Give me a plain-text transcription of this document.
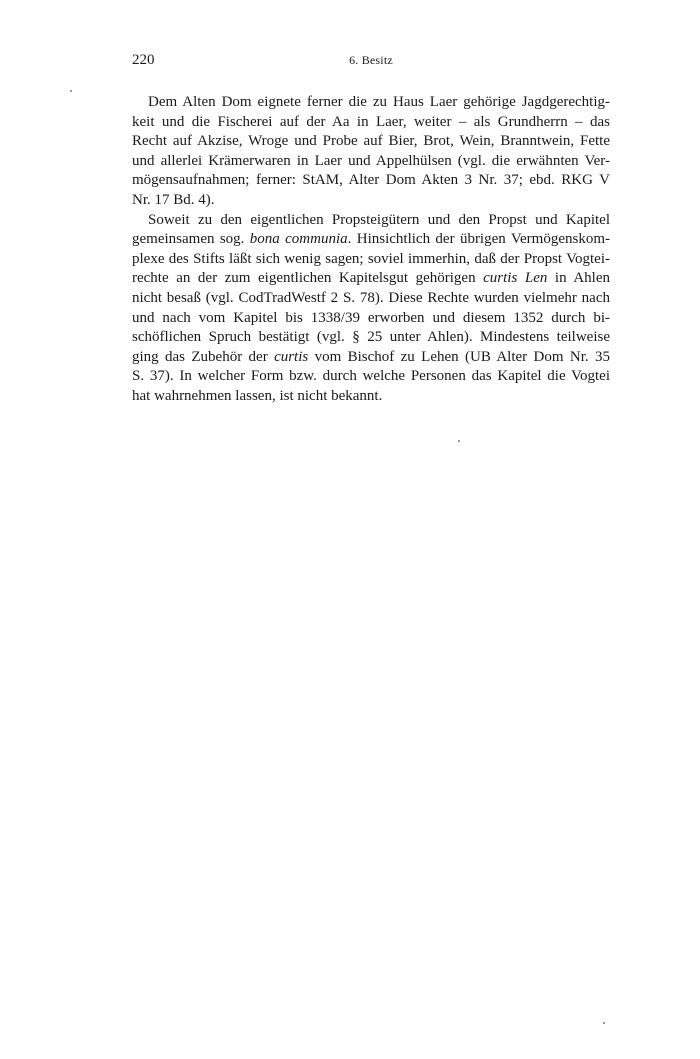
220	6. Besitz
Dem Alten Dom eignete ferner die zu Haus Laer gehörige Jagdgerechtig-
keit und die Fischerei auf der Aa in Laer, weiter – als Grundherrn – das
Recht auf Akzise, Wroge und Probe auf Bier, Brot, Wein, Branntwein, Fette
und allerlei Krämerwaren in Laer und Appelhülsen (vgl. die erwähnten Ver-
mögensaufnahmen; ferner: StAM, Alter Dom Akten 3 Nr. 37; ebd. RKG V
Nr. 17 Bd. 4).
Soweit zu den eigentlichen Propsteigütern und den Propst und Kapitel
gemeinsamen sog. bona communia. Hinsichtlich der übrigen Vermögenskom-
plexe des Stifts läßt sich wenig sagen; soviel immerhin, daß der Propst Vogtei-
rechte an der zum eigentlichen Kapitelsgut gehörigen curtis Len in Ahlen
nicht besaß (vgl. CodTradWestf 2 S. 78). Diese Rechte wurden vielmehr nach
und nach vom Kapitel bis 1338/39 erworben und diesem 1352 durch bi-
schöflichen Spruch bestätigt (vgl. § 25 unter Ahlen). Mindestens teilweise
ging das Zubehör der curtis vom Bischof zu Lehen (UB Alter Dom Nr. 35
S. 37). In welcher Form bzw. durch welche Personen das Kapitel die Vogtei
hat wahrnehmen lassen, ist nicht bekannt.
